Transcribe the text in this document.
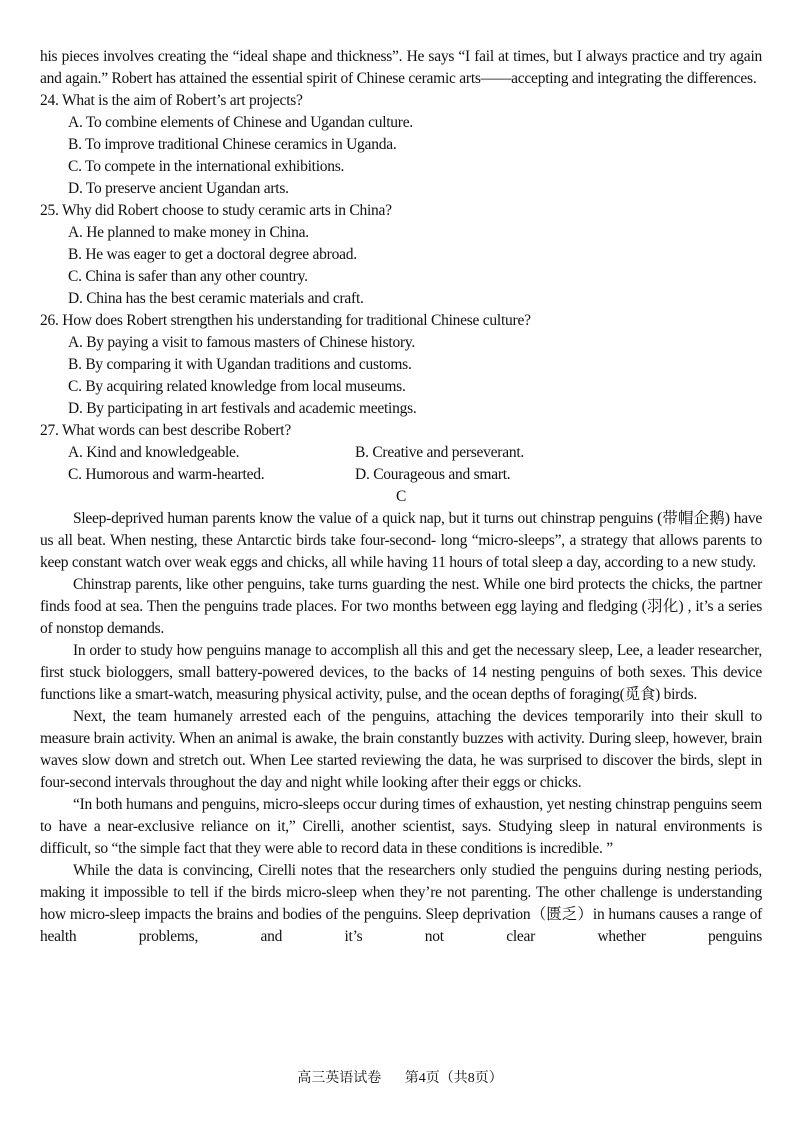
his pieces involves creating the “ideal shape and thickness”. He says “I fail at times, but I always practice and try again and again.” Robert has attained the essential spirit of Chinese ceramic arts——accepting and integrating the differences.

24. What is the aim of Robert’s art projects?

A. To combine elements of Chinese and Ugandan culture.

B. To improve traditional Chinese ceramics in Uganda.

C. To compete in the international exhibitions.

D. To preserve ancient Ugandan arts.

25. Why did Robert choose to study ceramic arts in China?

A. He planned to make money in China.

B. He was eager to get a doctoral degree abroad.

C. China is safer than any other country.

D. China has the best ceramic materials and craft.

26. How does Robert strengthen his understanding for traditional Chinese culture?

A. By paying a visit to famous masters of Chinese history.

B. By comparing it with Ugandan traditions and customs.

C. By acquiring related knowledge from local museums.

D. By participating in art festivals and academic meetings.

27. What words can best describe Robert?

A. Kind and knowledgeable.	B. Creative and perseverant.
C. Humorous and warm-hearted.	D. Courageous and smart.

C

Sleep-deprived human parents know the value of a quick nap, but it turns out chinstrap penguins (带帽企鹅) have us all beat. When nesting, these Antarctic birds take four-second- long “micro-sleeps”, a strategy that allows parents to keep constant watch over weak eggs and chicks, all while having 11 hours of total sleep a day, according to a new study.

Chinstrap parents, like other penguins, take turns guarding the nest. While one bird protects the chicks, the partner finds food at sea. Then the penguins trade places. For two months between egg laying and fledging (羽化) , it’s a series of nonstop demands.

In order to study how penguins manage to accomplish all this and get the necessary sleep, Lee, a leader researcher, first stuck biologgers, small battery-powered devices, to the backs of 14 nesting penguins of both sexes. This device functions like a smart-watch, measuring physical activity, pulse, and the ocean depths of foraging(觅食) birds.

Next, the team humanely arrested each of the penguins, attaching the devices temporarily into their skull to measure brain activity. When an animal is awake, the brain constantly buzzes with activity. During sleep, however, brain waves slow down and stretch out. When Lee started reviewing the data, he was surprised to discover the birds, slept in four-second intervals throughout the day and night while looking after their eggs or chicks.

“In both humans and penguins, micro-sleeps occur during times of exhaustion, yet nesting chinstrap penguins seem to have a near-exclusive reliance on it,” Cirelli, another scientist, says. Studying sleep in natural environments is difficult, so “the simple fact that they were able to record data in these conditions is incredible. ”

While the data is convincing, Cirelli notes that the researchers only studied the penguins during nesting periods, making it impossible to tell if the birds micro-sleep when they’re not parenting. The other challenge is understanding how micro-sleep impacts the brains and bodies of the penguins. Sleep deprivation（匮乏）in humans causes a range of health problems, and it’s not clear whether penguins

高三英语试卷 第4页（共8页）
